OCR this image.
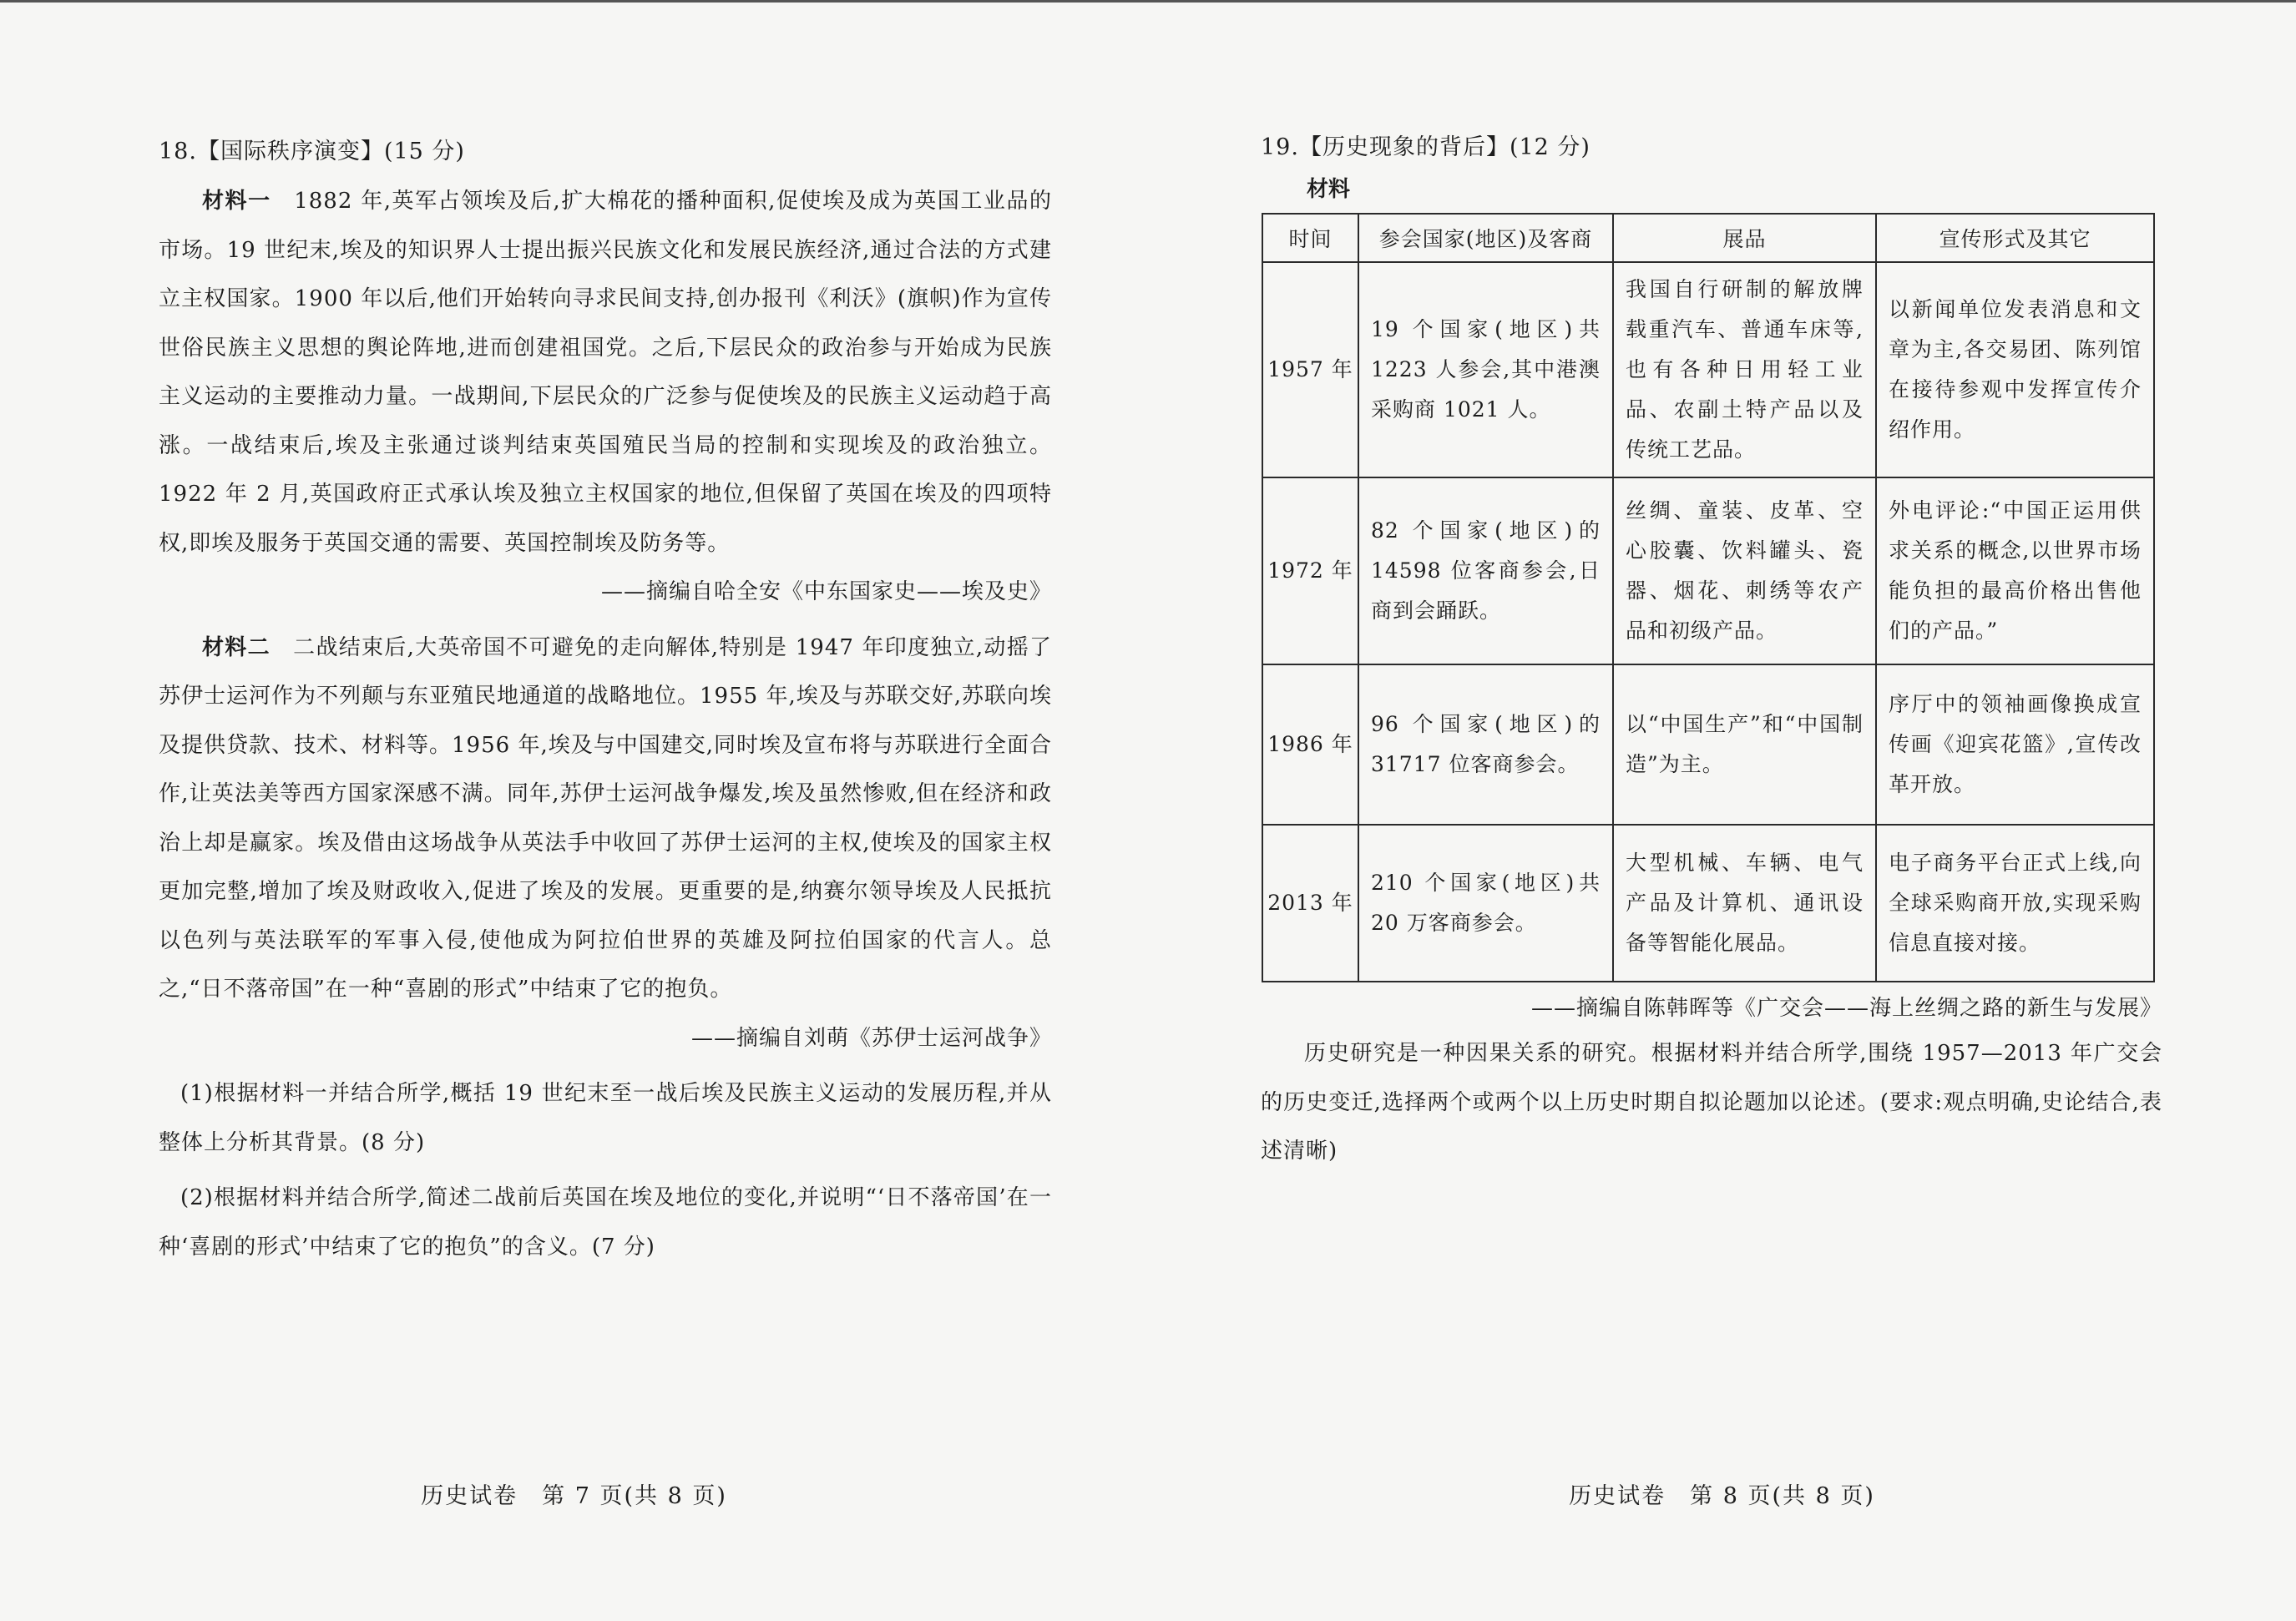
18.【国际秩序演变】(15 分)

材料一　 1882 年,英军占领埃及后,扩大棉花的播种面积,促使埃及成为英国工业品的市场。19 世纪末,埃及的知识界人士提出振兴民族文化和发展民族经济,通过合法的方式建立主权国家。1900 年以后,他们开始转向寻求民间支持,创办报刊《利沃》(旗帜)作为宣传世俗民族主义思想的舆论阵地,进而创建祖国党。之后,下层民众的政治参与开始成为民族主义运动的主要推动力量。一战期间,下层民众的广泛参与促使埃及的民族主义运动趋于高涨。一战结束后,埃及主张通过谈判结束英国殖民当局的控制和实现埃及的政治独立。1922 年 2 月,英国政府正式承认埃及独立主权国家的地位,但保留了英国在埃及的四项特权,即埃及服务于英国交通的需要、英国控制埃及防务等。

——摘编自哈全安《中东国家史——埃及史》

材料二　 二战结束后,大英帝国不可避免的走向解体,特别是 1947 年印度独立,动摇了苏伊士运河作为不列颠与东亚殖民地通道的战略地位。1955 年,埃及与苏联交好,苏联向埃及提供贷款、技术、材料等。1956 年,埃及与中国建交,同时埃及宣布将与苏联进行全面合作,让英法美等西方国家深感不满。同年,苏伊士运河战争爆发,埃及虽然惨败,但在经济和政治上却是赢家。埃及借由这场战争从英法手中收回了苏伊士运河的主权,使埃及的国家主权更加完整,增加了埃及财政收入,促进了埃及的发展。更重要的是,纳赛尔领导埃及人民抵抗以色列与英法联军的军事入侵,使他成为阿拉伯世界的英雄及阿拉伯国家的代言人。总之,“日不落帝国”在一种“喜剧的形式”中结束了它的抱负。

——摘编自刘萌《苏伊士运河战争》

(1)根据材料一并结合所学,概括 19 世纪末至一战后埃及民族主义运动的发展历程,并从整体上分析其背景。(8 分)

(2)根据材料并结合所学,简述二战前后英国在埃及地位的变化,并说明“‘日不落帝国’在一种‘喜剧的形式’中结束了它的抱负”的含义。(7 分)

历史试卷　第 7 页(共 8 页)

19.【历史现象的背后】(12 分)

材料

时间	参会国家(地区)及客商	展品	宣传形式及其它
1957 年	19 个国家(地区)共 1223 人参会,其中港澳采购商 1021 人。	我国自行研制的解放牌载重汽车、普通车床等,也有各种日用轻工业品、农副土特产品以及传统工艺品。	以新闻单位发表消息和文章为主,各交易团、陈列馆在接待参观中发挥宣传介绍作用。
1972 年	82 个国家(地区)的 14598 位客商参会,日商到会踊跃。	丝绸、童装、皮革、空心胶囊、饮料罐头、瓷器、烟花、刺绣等农产品和初级产品。	外电评论:“中国正运用供求关系的概念,以世界市场能负担的最高价格出售他们的产品。”
1986 年	96 个国家(地区)的 31717 位客商参会。	以“中国生产”和“中国制造”为主。	序厅中的领袖画像换成宣传画《迎宾花篮》,宣传改革开放。
2013 年	210 个国家(地区)共 20 万客商参会。	大型机械、车辆、电气产品及计算机、通讯设备等智能化展品。	电子商务平台正式上线,向全球采购商开放,实现采购信息直接对接。

——摘编自陈韩晖等《广交会——海上丝绸之路的新生与发展》

历史研究是一种因果关系的研究。根据材料并结合所学,围绕 1957—2013 年广交会的历史变迁,选择两个或两个以上历史时期自拟论题加以论述。(要求:观点明确,史论结合,表述清晰)

历史试卷　第 8 页(共 8 页)
